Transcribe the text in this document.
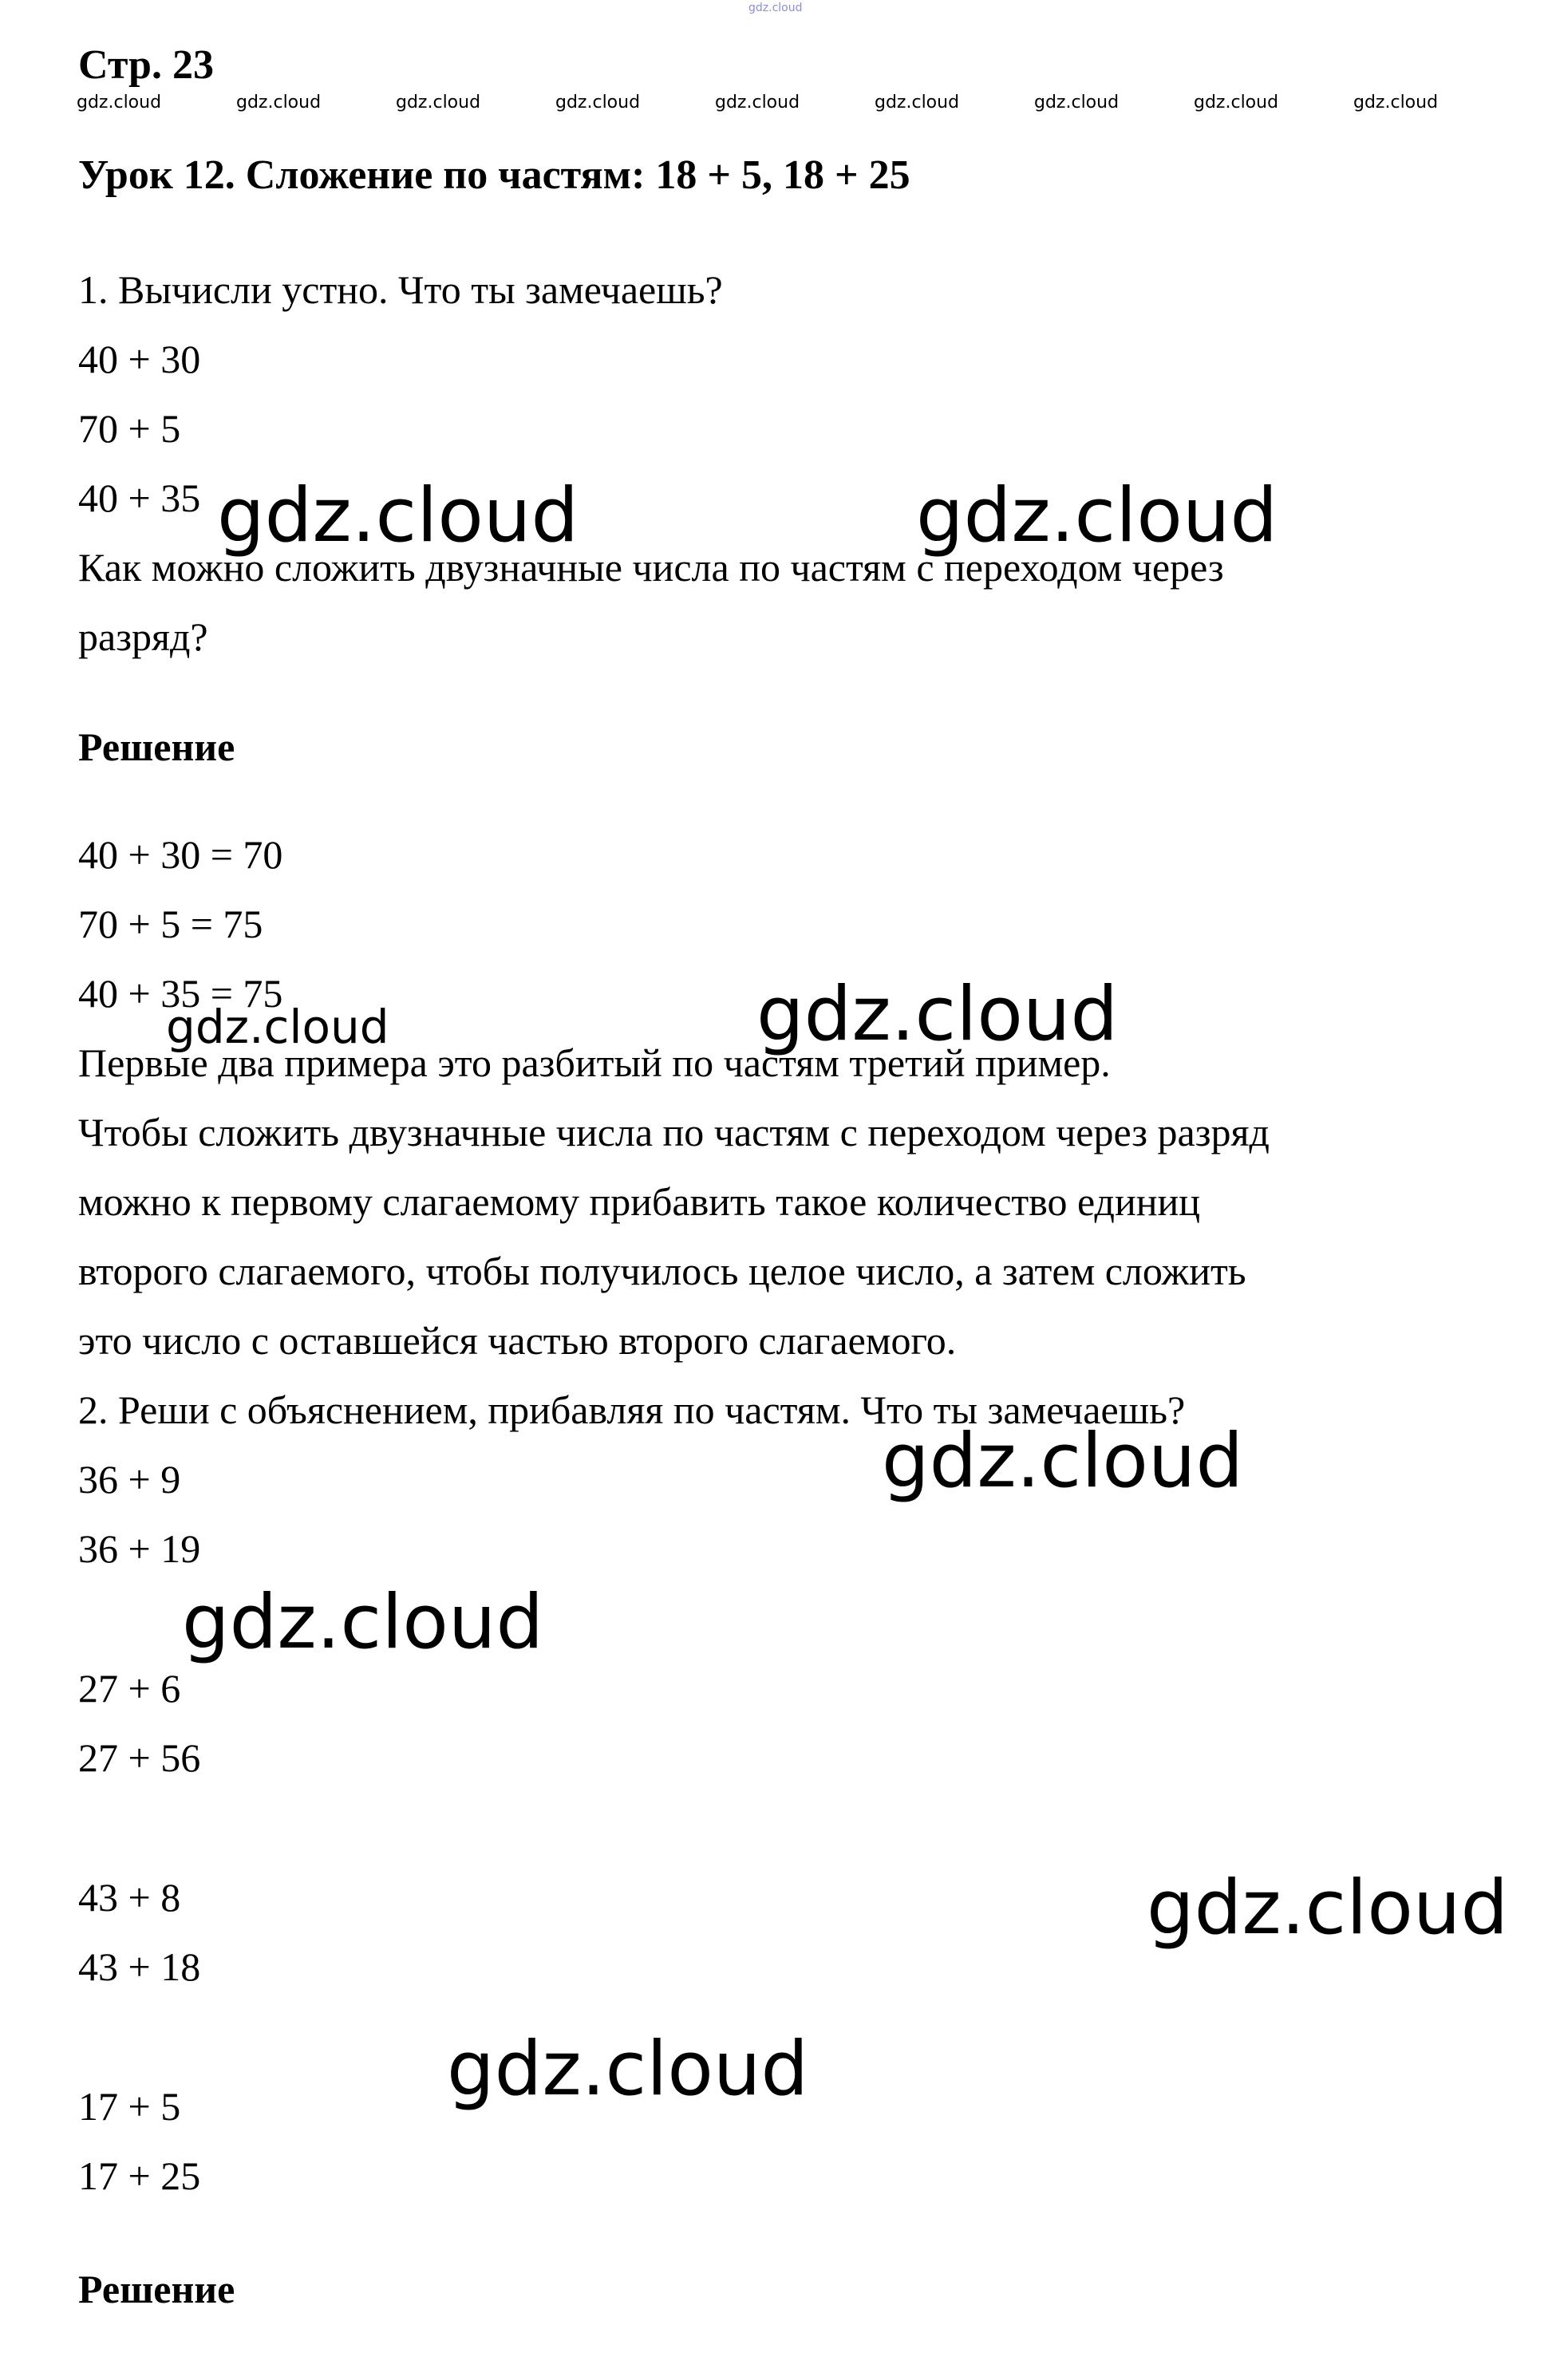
gdz.cloud
Стр. 23
gdz.cloud	gdz.cloud	gdz.cloud	gdz.cloud	gdz.cloud	gdz.cloud	gdz.cloud	gdz.cloud	gdz.cloud
Урок 12. Сложение по частям: 18 + 5, 18 + 25
1. Вычисли устно. Что ты замечаешь?
40 + 30
70 + 5
40 + 35
Как можно сложить двузначные числа по частям с переходом через
разряд?
Решение
40 + 30 = 70
70 + 5 = 75
40 + 35 = 75
Первые два примера это разбитый по частям третий пример.
Чтобы сложить двузначные числа по частям с переходом через разряд
можно к первому слагаемому прибавить такое количество единиц
второго слагаемого, чтобы получилось целое число, а затем сложить
это число с оставшейся частью второго слагаемого.
2. Реши с объяснением, прибавляя по частям. Что ты замечаешь?
36 + 9
36 + 19
27 + 6
27 + 56
43 + 8
43 + 18
17 + 5
17 + 25
Решение
gdz.cloud	gdz.cloud
gdz.cloud
gdz.cloud
gdz.cloud
gdz.cloud
gdz.cloud
gdz.cloud
